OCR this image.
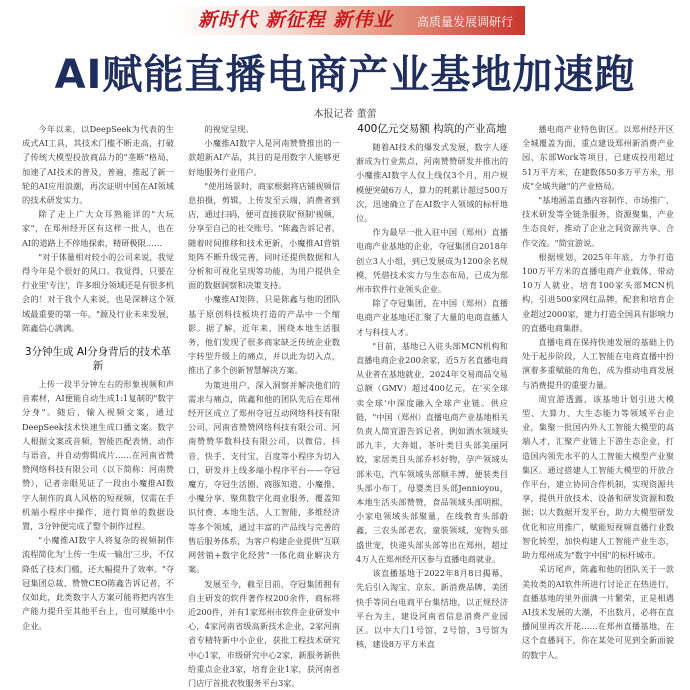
新时代 新征程 新伟业 高质量发展调研行
AI赋能直播电商产业基地加速跑
本报记者 董蕾

今年以来，以DeepSeek为代表的生成式AI工具，其技术门槛不断走高，打破了传统大模型投放商品力的"垄断"格局，加速了AI技术的普及，普遍，推起了新一轮的AI应用浪潮，再次证明中国在AI领域的技术研发实力。

除了走上广大众耳熟能详的"大玩家"，在郑州经开区有这样一批人，也在AI的道路上不停地探索，精研极限……

"对于体量相对较小的公司来说，我觉得今年是个很好的风口。我觉得，只要在行业里'专注'，许多细分领域还是有很多机会的！对于我个人来说，也是深耕这个领域最重要的第一年。"源及行业未来发展，陈鑫信心满满。

3分钟生成 AI分身背后的技术革新

上传一段半分钟左右的形象视频和声音素材，AI便能自动生成1:1复制的"数字分身"。随后，输入视频文案，通过DeepSeek技术快速生成口播文案。数字人根据文案或音频，智能匹配表情、动作与语音，并自动剪辑成片……在河南省赞赞网络科技有限公司（以下简称：河南赞赞），记者亲眼见证了一段由小魔推AI数字人制作的真人风格的短视频，仅需在手机端小程序中操作，进行简单的数据设置，3分钟便完成了整个制作过程。

"小魔推AI数字人将复杂的视频制作流程简化为'上传一生成一输出'三步，不仅降低了技术门槛，还大幅提升了效率。"夺冠集团总裁、赞赞CEO陈鑫告诉记者，不仅如此，此类数字人方案可能将把内容生产能力提升至其他平台上，也可赋能中小企业。

的视觉呈现。

小魔推AI数字人是河南赞赞推出的一款超新AI产品，其目的是用数字人能够更好地服务行业用户。

"使用场景时，商家根据将店铺视频信息拍摄，剪辑，上传发至云端，消费者到店，通过扫码，便可直接获取'预制'视频，分享至自己的社交账号。"陈鑫告诉记者，随着时间推移和技术更新，小魔推AI营销矩阵不断升级完善，同时还提供数据和人分析和可视化呈现等功能，为用户提供全面的数据洞察和决策支持。

小魔推AI矩阵，只是陈鑫与他的团队基于原创科技板块打造的产品中一个缩影。据了解，近年来，围绕本地生活服务，他们发现了很多商家缺乏传统企业数字转型升级上的痛点，并以此为切入点，推出了多个创新智慧解决方案。

为策进用户，深入洞察并解决他们的需求与痛点，陈鑫和他的团队先后在郑州经开区成立了郑州夺冠互动网络科技有限公司、河南省赞赞网络科技有限公司、河南赞赞华数科技有限公司，以微信、抖音、快手、支付宝、百度等小程序为切入口，研发并上线多端小程序平台——夺冠魔方，夺冠生活圈、商豚知道、小魔推、小魔分享、聚焦数字化商业服务，覆盖知识付费、本地生活、人工智能，多维经济等多个领域，通过丰富的产品线与完善的售后服务体系，为客户构建企业提供"互联网营销+数字化经营"一体化商业解决方案。

发展至今，截至目前，夺冠集团拥有自主研发的软件著作权200余件，商标将近200件，并有1家郑州市软件企业研发中心，4家河南省级高新技术企业，2家河南省专精特新中小企业，获批工程技术研究中心1家，市级研究中心2家，新服务新供给重点企业3家，培育企业1家，获河南省门店厅首批农牧服务平台3家。

400亿元交易额 构筑的产业高地

随着AI技术的爆发式发展，数字人逐渐成为行业焦点，河南赞赞研发并推出的小魔推AI数字人仅上线仅3个月，用户规模便突破6万人，算力的耗累计超过500万次，迅速确立了在AI数字人领域的标杆地位。

作为最早一批入驻中国（郑州）直播电商产业基地的企业，夺冠集团自2018年创立3人小组，到已发展成为1200余名规模，凭借技术实力与生态布局，已成为郑州市软件行业领头企业。

除了夺冠集团，在中国（郑州）直播电商产业基地还汇聚了大量的电商直播人才与科技人才。

"目前，基地已入驻头部MCN机构和直播电商企业200余家，近5万名直播电商从业者在基地就业，2024年交易商品交易总额（GMV）超过400亿元，在'买全球卖全球'中深度融入全球产业链。供应链，"中国（郑州）直播电商产业基地相关负责人简宜游告诉记者，例如酒水领域头部九丰，大奔姐，茶叶类目头部美丽阿姣，家居类目头部乔杉好物，孕产领域头部米屯，汽车领域头部顺丰博，便装类目头部小布丁，母婴类目头部Jennioyou，本地生活头部赞赞，食品领域头部明熙，小家电领域头部聚量，在线教育头部蔚鑫，三农头部老农，童装领域，宠物头部盛世宠，快递头部头部等出在郑州，超过4万人在郑州经开区参与直播电商就业。

该直播基地于2022年8月8日揭幕，先后引入淘宝、京东、新消费品牌、美团快手等同台电商平台集结地，以正规经济平台为主，建设河南省信息消费产业园区。以中大门1号馆，2号馆，3号馆为核，建设8万平方米直

播电商产业特色街区。以郑州经开区全城覆盖为面，重点建设郑州新消费产业园、东部Work等项目，已建成投用超过51万平方米，在建数体50多万平方米，形成"全城共融"的产业格局。

"基地涵盖直播内容制作、市场推广、技术研发等全链条服务，资源聚集，产业生态良好，推动了企业之间资源共享、合作交流。"简宜游说。

根据规划，2025年年底，力争打造100万平方米的直播电商产业载体，带动10万人就业，培育100家头部MCN机构，引进500家网红品牌，配套和培育企业超过2000家，建力打造全国具有影响力的直播电商集群。

直播电商在保持快速发展的基础上仍处于起步阶段，人工智能在电商直播中扮演着多重赋能的角色，成为推动电商发展与消费提升的重要力量。

周宜游透露，该基地计划引进大模型、大算力、大生态能力等领域平台企业，集聚一批国内外人工智能大模型的高端人才，汇聚产业链上下游生态企业，打造国内领先水平的人工智能大模型产业聚集区。通过搭建人工智能大模型的开放合作平台，建立协同合作机制，实现资源共享，提供开放技术、设备和研发资源和数据；以大数据开发平台，助力大模型研发优化和应用推广，赋能短视频直播行业数智化转型，加快构建人工智能产业生态，助力郑州成为"数字中国"的标杆城市。

采访尾声，陈鑫和他的团队关于一款美妆类的AI软件所进行讨论正在热进行，直播基地的里外面满一片繁荣，正是相遇AI技术发展的大潮，不出数月，必将在直播间里再次开花……在郑州直播基地，在这个直播间下，你在某处可见到全新面貌的数字人。
